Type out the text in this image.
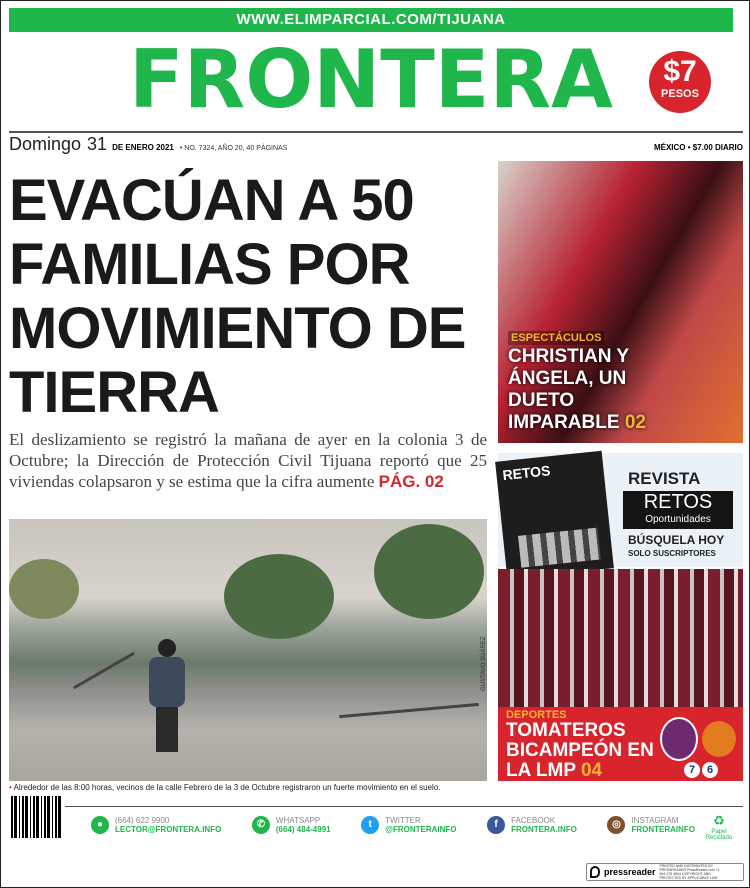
WWW.ELIMPARCIAL.COM/TIJUANA
FRONTERA	$7
PESOS
Domingo 31 DE ENERO 2021 • NO. 7324, AÑO 20, 40 PÁGINAS	MÉXICO • $7.00 DIARIO
EVACÚAN A 50 FAMILIAS POR MOVIMIENTO DE TIERRA
El deslizamiento se registró la mañana de ayer en la colonia 3 de Octubre; la Dirección de Protección Civil Tijuana reportó que 25 viviendas colapsaron y se estima que la cifra aumente PÁG. 02
GUSTAVO SUÁREZ
• Alrededor de las 8:00 horas, vecinos de la calle Febrero de la 3 de Octubre registraron un fuerte movimiento en el suelo.
ESPECTÁCULOS
CHRISTIAN Y ÁNGELA, UN DUETO IMPARABLE 02
RETOS	REVISTA
RETOS
Oportunidades
BÚSQUELA HOY
SOLO SUSCRIPTORES
DEPORTES
TOMATEROS BICAMPEÓN EN LA LMP 04	7	6
●	(664) 622 9900
LECTOR@FRONTERA.INFO	✆	WHATSAPP
(664) 484-4991	t	TWITTER
@FRONTERAINFO	f	FACEBOOK
FRONTERA.INFO	◎	INSTAGRAM
FRONTERAINFO
♻
Papel Reciclado
pressreader
PRINTED AND DISTRIBUTED BY PRESSREADER PressReader.com +1 604 278 4604 COPYRIGHT AND PROTECTED BY APPLICABLE LAW
